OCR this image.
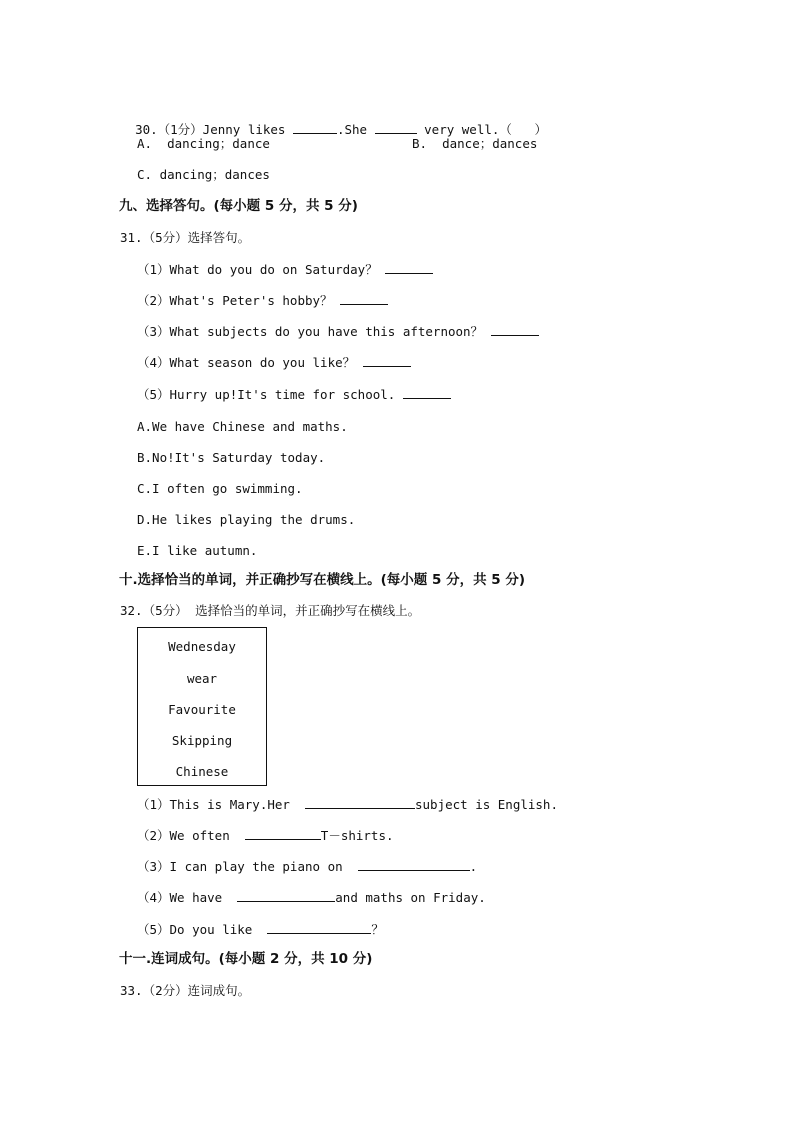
30.（1分）Jenny likes	.She	very well.（   ）

A.  dancing；dance	B.  dance；dances
C. dancing；dances
九、选择答句。(每小题 5 分，共 5 分)
31.（5分）选择答句。
（1）What do you do on Saturday？
（2）What's Peter's hobby？
（3）What subjects do you have this afternoon？
（4）What season do you like？
（5）Hurry up!It's time for school.
A.We have Chinese and maths.
B.No!It's Saturday today.
C.I often go swimming.
D.He likes playing the drums.
E.I like autumn.
十.选择恰当的单词，并正确抄写在横线上。(每小题 5 分，共 5 分)
32.（5分） 选择恰当的单词，并正确抄写在横线上。
Wednesday
wear
Favourite
Skipping
Chinese
（1）This is Mary.Her	subject is English.
（2）We often	T－shirts.
（3）I can play the piano on	.
（4）We have	and maths on Friday.
（5）Do you like	？
十一.连词成句。(每小题 2 分，共 10 分)
33.（2分）连词成句。
